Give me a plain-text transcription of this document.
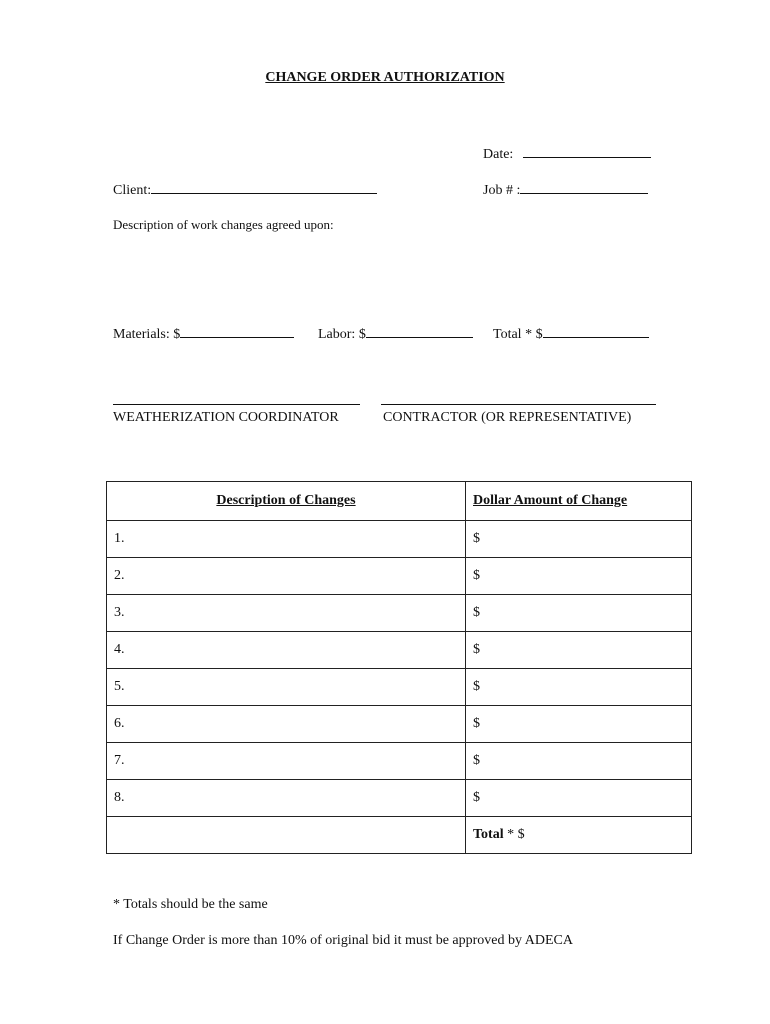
CHANGE ORDER AUTHORIZATION
Date:
Client:	Job # :
Description of work changes agreed upon:
Materials: $	Labor: $	Total * $
WEATHERIZATION COORDINATOR	CONTRACTOR (OR REPRESENTATIVE)
Description of Changes	Dollar Amount of Change
1.	$
2.	$
3.	$
4.	$
5.	$
6.	$
7.	$
8.	$
	Total * $
* Totals should be the same
If Change Order is more than 10% of original bid it must be approved by ADECA
